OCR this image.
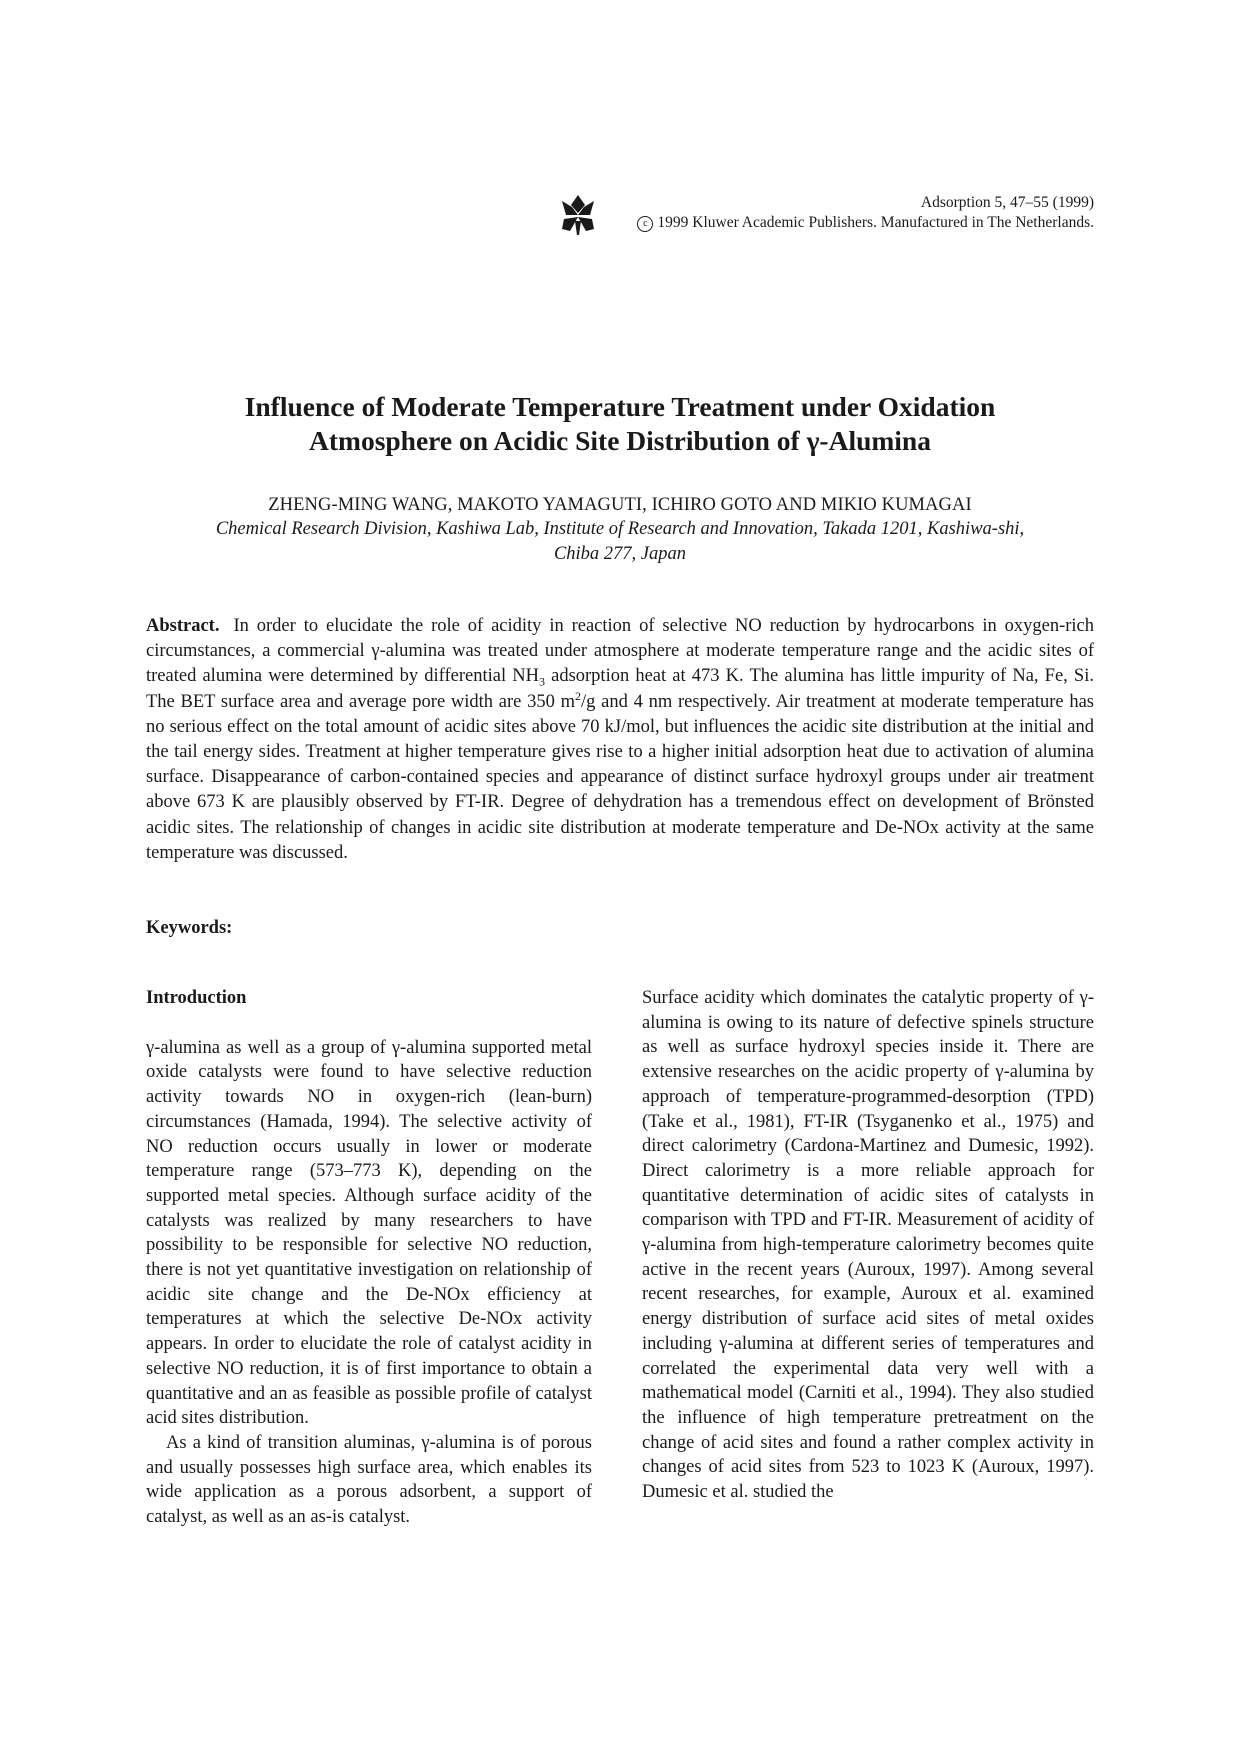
Adsorption 5, 47–55 (1999)
c 1999 Kluwer Academic Publishers. Manufactured in The Netherlands.
Influence of Moderate Temperature Treatment under Oxidation
Atmosphere on Acidic Site Distribution of γ-Alumina
ZHENG-MING WANG, MAKOTO YAMAGUTI, ICHIRO GOTO AND MIKIO KUMAGAI
Chemical Research Division, Kashiwa Lab, Institute of Research and Innovation, Takada 1201, Kashiwa-shi,
Chiba 277, Japan

Abstract. In order to elucidate the role of acidity in reaction of selective NO reduction by hydrocarbons in oxygen-rich circumstances, a commercial γ-alumina was treated under atmosphere at moderate temperature range and the acidic sites of treated alumina were determined by differential $NH_3$ adsorption heat at 473 K. The alumina has little impurity of Na, Fe, Si. The BET surface area and average pore width are 350 $m^2/g$ and 4 nm respectively. Air treatment at moderate temperature has no serious effect on the total amount of acidic sites above 70 kJ/mol, but influences the acidic site distribution at the initial and the tail energy sides. Treatment at higher temperature gives rise to a higher initial adsorption heat due to activation of alumina surface. Disappearance of carbon-contained species and appearance of distinct surface hydroxyl groups under air treatment above 673 K are plausibly observed by FT-IR. Degree of dehydration has a tremendous effect on development of Brönsted acidic sites. The relationship of changes in acidic site distribution at moderate temperature and De-NOx activity at the same temperature was discussed.

Keywords:
Introduction

γ-alumina as well as a group of γ-alumina supported metal oxide catalysts were found to have selective reduction activity towards NO in oxygen-rich (lean-burn) circumstances (Hamada, 1994). The selective activity of NO reduction occurs usually in lower or moderate temperature range (573–773 K), depending on the supported metal species. Although surface acidity of the catalysts was realized by many researchers to have possibility to be responsible for selective NO reduction, there is not yet quantitative investigation on relationship of acidic site change and the De-NOx efficiency at temperatures at which the selective De-NOx activity appears. In order to elucidate the role of catalyst acidity in selective NO reduction, it is of first importance to obtain a quantitative and an as feasible as possible profile of catalyst acid sites distribution.

As a kind of transition aluminas, γ-alumina is of porous and usually possesses high surface area, which enables its wide application as a porous adsorbent, a support of catalyst, as well as an as-is catalyst.

Surface acidity which dominates the catalytic property of γ-alumina is owing to its nature of defective spinels structure as well as surface hydroxyl species inside it. There are extensive researches on the acidic property of γ-alumina by approach of temperature-programmed-desorption (TPD) (Take et al., 1981), FT-IR (Tsyganenko et al., 1975) and direct calorimetry (Cardona-Martinez and Dumesic, 1992). Direct calorimetry is a more reliable approach for quantitative determination of acidic sites of catalysts in comparison with TPD and FT-IR. Measurement of acidity of γ-alumina from high-temperature calorimetry becomes quite active in the recent years (Auroux, 1997). Among several recent researches, for example, Auroux et al. examined energy distribution of surface acid sites of metal oxides including γ-alumina at different series of temperatures and correlated the experimental data very well with a mathematical model (Carniti et al., 1994). They also studied the influence of high temperature pretreatment on the change of acid sites and found a rather complex activity in changes of acid sites from 523 to 1023 K (Auroux, 1997). Dumesic et al. studied the
